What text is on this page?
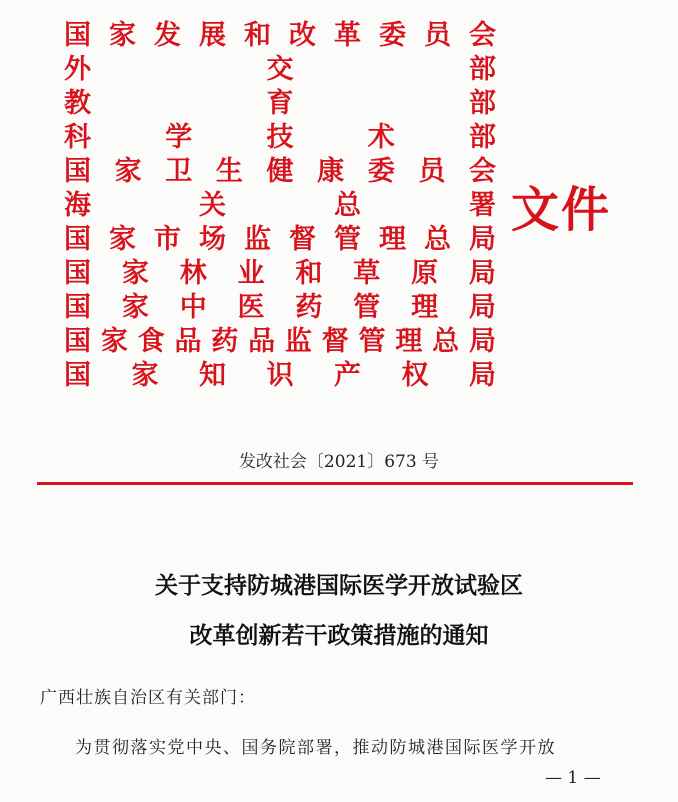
国 家 发 展 和 改 革 委 员 会
外	交	部
教	育	部
科	学	技	术	部
国 家 卫 生 健 康 委 员 会
海	关	总	署
国 家 市 场 监 督 管 理 总 局
国 家 林 业 和 草 原 局
国 家 中 医 药 管 理 局
国 家 食 品 药 品 监 督 管 理 总 局
国 家 知 识 产 权 局
文件
发改社会〔2021〕673 号
关于支持防城港国际医学开放试验区
改革创新若干政策措施的通知
广西壮族自治区有关部门：
为贯彻落实党中央、国务院部署，推动防城港国际医学开放
— 1 —
